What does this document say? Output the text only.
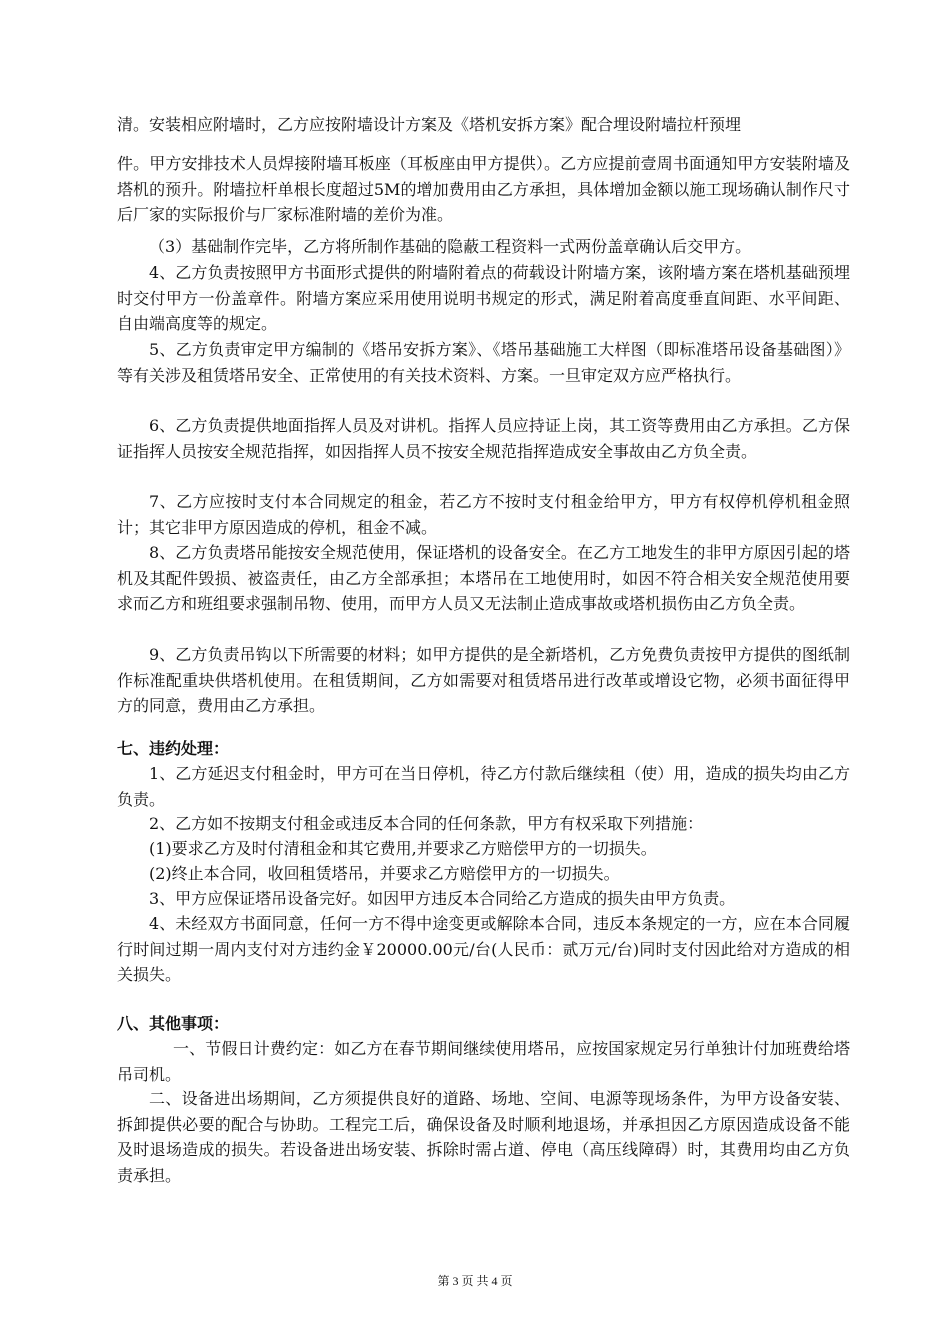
清。安装相应附墙时，乙方应按附墙设计方案及《塔机安拆方案》配合埋设附墙拉杆预埋

件。甲方安排技术人员焊接附墙耳板座（耳板座由甲方提供）。乙方应提前壹周书面通知甲方安装附墙及塔机的预升。附墙拉杆单根长度超过5M的增加费用由乙方承担，具体增加金额以施工现场确认制作尺寸后厂家的实际报价与厂家标准附墙的差价为准。

（3）基础制作完毕，乙方将所制作基础的隐蔽工程资料一式两份盖章确认后交甲方。

4、乙方负责按照甲方书面形式提供的附墙附着点的荷载设计附墙方案，该附墙方案在塔机基础预埋时交付甲方一份盖章件。附墙方案应采用使用说明书规定的形式，满足附着高度垂直间距、水平间距、自由端高度等的规定。

5、乙方负责审定甲方编制的《塔吊安拆方案》、《塔吊基础施工大样图（即标准塔吊设备基础图）》等有关涉及租赁塔吊安全、正常使用的有关技术资料、方案。一旦审定双方应严格执行。

6、乙方负责提供地面指挥人员及对讲机。指挥人员应持证上岗，其工资等费用由乙方承担。乙方保证指挥人员按安全规范指挥，如因指挥人员不按安全规范指挥造成安全事故由乙方负全责。

7、乙方应按时支付本合同规定的租金，若乙方不按时支付租金给甲方，甲方有权停机停机租金照计；其它非甲方原因造成的停机，租金不减。

8、乙方负责塔吊能按安全规范使用，保证塔机的设备安全。在乙方工地发生的非甲方原因引起的塔机及其配件毁损、被盗责任，由乙方全部承担；本塔吊在工地使用时，如因不符合相关安全规范使用要求而乙方和班组要求强制吊物、使用，而甲方人员又无法制止造成事故或塔机损伤由乙方负全责。

9、乙方负责吊钩以下所需要的材料；如甲方提供的是全新塔机，乙方免费负责按甲方提供的图纸制作标准配重块供塔机使用。在租赁期间，乙方如需要对租赁塔吊进行改革或增设它物，必须书面征得甲方的同意，费用由乙方承担。

七、违约处理：

1、乙方延迟支付租金时，甲方可在当日停机，待乙方付款后继续租（使）用，造成的损失均由乙方负责。

2、乙方如不按期支付租金或违反本合同的任何条款，甲方有权采取下列措施：

(1)要求乙方及时付清租金和其它费用,并要求乙方赔偿甲方的一切损失。

(2)终止本合同，收回租赁塔吊，并要求乙方赔偿甲方的一切损失。

3、甲方应保证塔吊设备完好。如因甲方违反本合同给乙方造成的损失由甲方负责。

4、未经双方书面同意，任何一方不得中途变更或解除本合同，违反本条规定的一方，应在本合同履行时间过期一周内支付对方违约金￥20000.00元/台(人民币：贰万元/台)同时支付因此给对方造成的相关损失。

八、其他事项：

一、节假日计费约定：如乙方在春节期间继续使用塔吊，应按国家规定另行单独计付加班费给塔吊司机。

二、设备进出场期间，乙方须提供良好的道路、场地、空间、电源等现场条件，为甲方设备安装、拆卸提供必要的配合与协助。工程完工后，确保设备及时顺利地退场，并承担因乙方原因造成设备不能及时退场造成的损失。若设备进出场安装、拆除时需占道、停电（高压线障碍）时，其费用均由乙方负责承担。

第 3 页 共 4 页
